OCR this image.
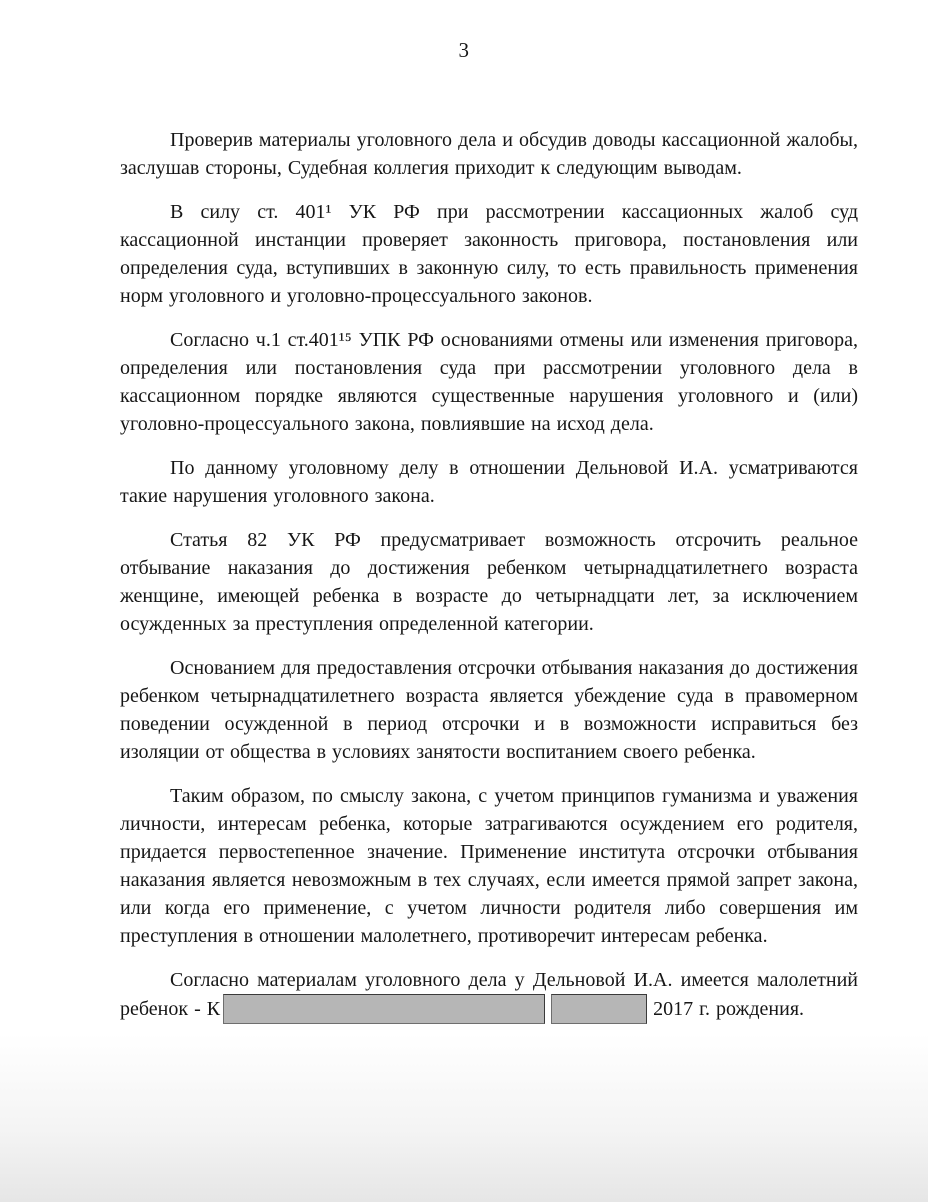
3

Проверив материалы уголовного дела и обсудив доводы кассационной жалобы, заслушав стороны, Судебная коллегия приходит к следующим выводам.

В силу ст. 401¹ УК РФ при рассмотрении кассационных жалоб суд кассационной инстанции проверяет законность приговора, постановления или определения суда, вступивших в законную силу, то есть правильность применения норм уголовного и уголовно-процессуального законов.

Согласно ч.1 ст.401¹⁵ УПК РФ основаниями отмены или изменения приговора, определения или постановления суда при рассмотрении уголовного дела в кассационном порядке являются существенные нарушения уголовного и (или) уголовно-процессуального закона, повлиявшие на исход дела.

По данному уголовному делу в отношении Дельновой И.А. усматриваются такие нарушения уголовного закона.

Статья 82 УК РФ предусматривает возможность отсрочить реальное отбывание наказания до достижения ребенком четырнадцатилетнего возраста женщине, имеющей ребенка в возрасте до четырнадцати лет, за исключением осужденных за преступления определенной категории.

Основанием для предоставления отсрочки отбывания наказания до достижения ребенком четырнадцатилетнего возраста является убеждение суда в правомерном поведении осужденной в период отсрочки и в возможности исправиться без изоляции от общества в условиях занятости воспитанием своего ребенка.

Таким образом, по смыслу закона, с учетом принципов гуманизма и уважения личности, интересам ребенка, которые затрагиваются осуждением его родителя, придается первостепенное значение. Применение института отсрочки отбывания наказания является невозможным в тех случаях, если имеется прямой запрет закона, или когда его применение, с учетом личности родителя либо совершения им преступления в отношении малолетнего, противоречит интересам ребенка.

Согласно материалам уголовного дела у Дельновой И.А. имеется малолетний ребенок - К	2017 г. рождения.
